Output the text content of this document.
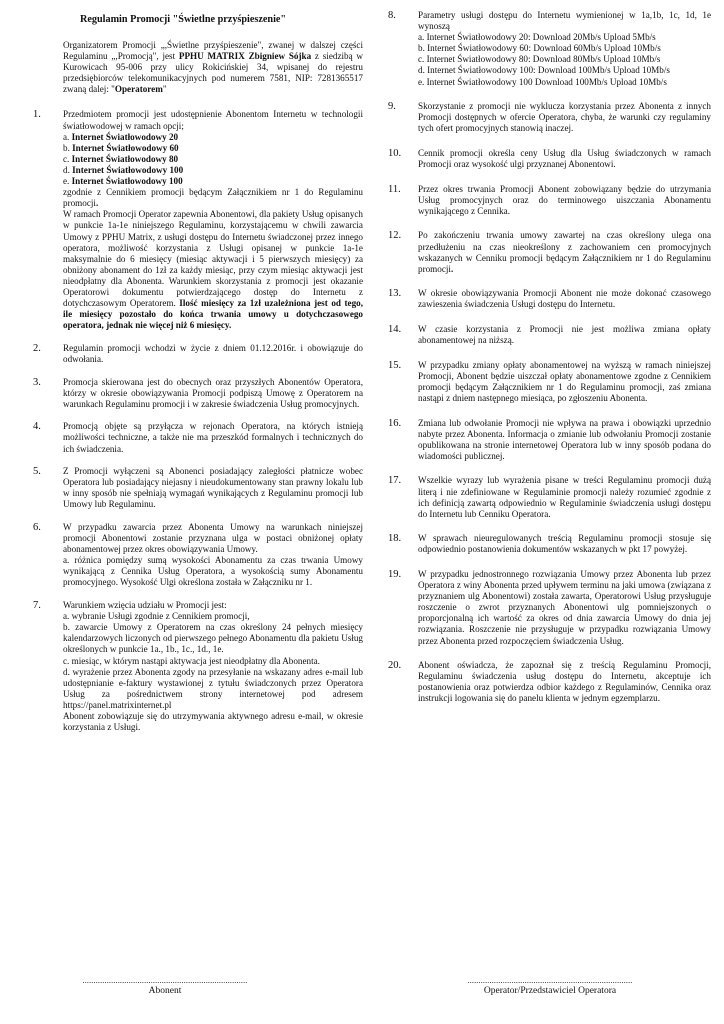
Regulamin Promocji "Świetlne przyśpieszenie"
Organizatorem Promocji „,Świetlne przyśpieszenie", zwanej w dalszej części Regulaminu „,Promocją", jest PPHU MATRIX Zbigniew Sójka z siedzibą w Kurowicach 95-006 przy ulicy Rokicińskiej 34, wpisanej do rejestru przedsiębiorców telekomunikacyjnych pod numerem 7581, NIP: 7281365517 zwaną dalej: "Operatorem"
1. Przedmiotem promocji jest udostępnienie Abonentom Internetu w technologii światłowodowej w ramach opcji;
a. Internet Światłowodowy 20
b. Internet Światłowodowy 60
c. Internet Światłowodowy 80
d. Internet Światłowodowy 100
e. Internet Światłowodowy 100
zgodnie z Cennikiem promocji będącym Załącznikiem nr 1 do Regulaminu promocji.
W ramach Promocji Operator zapewnia Abonentowi, dla pakiety Usług opisanych w punkcie 1a-1e niniejszego Regulaminu, korzystającemu w chwili zawarcia Umowy z PPHU Matrix, z usługi dostępu do Internetu świadczonej przez innego operatora, możliwość korzystania z Usługi opisanej w punkcie 1a-1e maksymalnie do 6 miesięcy (miesiąc aktywacji i 5 pierwszych miesięcy) za obniżony abonament do 1zł za każdy miesiąc, przy czym miesiąc aktywacji jest nieodpłatny dla Abonenta. Warunkiem skorzystania z promocji jest okazanie Operatorowi dokumentu potwierdzającego dostęp do Internetu z dotychczasowym Operatorem. Ilość miesięcy za 1zł uzależniona jest od tego, ile miesięcy pozostało do końca trwania umowy u dotychczasowego operatora, jednak nie więcej niż 6 miesięcy.
2. Regulamin promocji wchodzi w życie z dniem 01.12.2016r. i obowiązuje do odwołania.
3. Promocja skierowana jest do obecnych oraz przyszłych Abonentów Operatora, którzy w okresie obowiązywania Promocji podpiszą Umowę z Operatorem na warunkach Regulaminu promocji i w zakresie świadczenia Usług promocyjnych.
4. Promocją objęte są przyłącza w rejonach Operatora, na których istnieją możliwości techniczne, a także nie ma przeszkód formalnych i technicznych do ich świadczenia.
5. Z Promocji wyłączeni są Abonenci posiadający zaległości płatnicze wobec Operatora lub posiadający niejasny i nieudokumentowany stan prawny lokalu lub w inny sposób nie spełniają wymagań wynikających z Regulaminu promocji lub Umowy lub Regulaminu.
6. W przypadku zawarcia przez Abonenta Umowy na warunkach niniejszej promocji Abonentowi zostanie przyznana ulga w postaci obniżonej opłaty abonamentowej przez okres obowiązywania Umowy.
a. różnica pomiędzy sumą wysokości Abonamentu za czas trwania Umowy wynikającą z Cennika Usług Operatora, a wysokością sumy Abonamentu promocyjnego. Wysokość Ulgi określona została w Załączniku nr 1.
7. Warunkiem wzięcia udziału w Promocji jest:
a. wybranie Usługi zgodnie z Cennikiem promocji,
b. zawarcie Umowy z Operatorem na czas określony 24 pełnych miesięcy kalendarzowych liczonych od pierwszego pełnego Abonamentu dla pakietu Usług określonych w punkcie 1a., 1b., 1c., 1d., 1e.
c. miesiąc, w którym nastąpi aktywacja jest nieodpłatny dla Abonenta.
d. wyrażenie przez Abonenta zgody na przesyłanie na wskazany adres e-mail lub udostępnianie e-faktury wystawionej z tytułu świadczonych przez Operatora Usług za pośrednictwem strony internetowej pod adresem https://panel.matrixinternet.pl
Abonent zobowiązuje się do utrzymywania aktywnego adresu e-mail, w okresie korzystania z Usługi.
8. Parametry usługi dostępu do Internetu wymienionej w 1a,1b, 1c, 1d, 1e wynoszą
a. Internet Światłowodowy 20: Download 20Mb/s Upload 5Mb/s
b. Internet Światłowodowy 60: Download 60Mb/s Upload 10Mb/s
c. Internet Światłowodowy 80: Download 80Mb/s Upload 10Mb/s
d. Internet Światłowodowy 100: Download 100Mb/s Upload 10Mb/s
e. Internet Światłowodowy 100 Download 100Mb/s Upload 10Mb/s
9. Skorzystanie z promocji nie wyklucza korzystania przez Abonenta z innych Promocji dostępnych w ofercie Operatora, chyba, że warunki czy regulaminy tych ofert promocyjnych stanowią inaczej.
10. Cennik promocji określa ceny Usług dla Usług świadczonych w ramach Promocji oraz wysokość ulgi przyznanej Abonentowi.
11. Przez okres trwania Promocji Abonent zobowiązany będzie do utrzymania Usług promocyjnych oraz do terminowego uiszczania Abonamentu wynikającego z Cennika.
12. Po zakończeniu trwania umowy zawartej na czas określony ulega ona przedłużeniu na czas nieokreślony z zachowaniem cen promocyjnych wskazanych w Cenniku promocji będącym Załącznikiem nr 1 do Regulaminu promocji.
13. W okresie obowiązywania Promocji Abonent nie może dokonać czasowego zawieszenia świadczenia Usługi dostępu do Internetu.
14. W czasie korzystania z Promocji nie jest możliwa zmiana opłaty abonamentowej na niższą.
15. W przypadku zmiany opłaty abonamentowej na wyższą w ramach niniejszej Promocji, Abonent będzie uiszczał opłaty abonamentowe zgodne z Cennikiem promocji będącym Załącznikiem nr 1 do Regulaminu promocji, zaś zmiana nastąpi z dniem następnego miesiąca, po zgłoszeniu Abonenta.
16. Zmiana lub odwołanie Promocji nie wpływa na prawa i obowiązki uprzednio nabyte przez Abonenta. Informacja o zmianie lub odwołaniu Promocji zostanie opublikowana na stronie internetowej Operatora lub w inny sposób podana do wiadomości publicznej.
17. Wszelkie wyrazy lub wyrażenia pisane w treści Regulaminu promocji dużą literą i nie zdefiniowane w Regulaminie promocji należy rozumieć zgodnie z ich definicją zawartą odpowiednio w Regulaminie świadczenia usługi dostępu do Internetu lub Cenniku Operatora.
18. W sprawach nieuregulowanych treścią Regulaminu promocji stosuje się odpowiednio postanowienia dokumentów wskazanych w pkt 17 powyżej.
19. W przypadku jednostronnego rozwiązania Umowy przez Abonenta lub przez Operatora z winy Abonenta przed upływem terminu na jaki umowa (związana z przyznaniem ulg Abonentowi) została zawarta, Operatorowi Usług przysługuje roszczenie o zwrot przyznanych Abonentowi ulg pomniejszonych o proporcjonalną ich wartość za okres od dnia zawarcia Umowy do dnia jej rozwiązania. Roszczenie nie przysługuje w przypadku rozwiązania Umowy przez Abonenta przed rozpoczęciem świadczenia Usług.
20. Abonent oświadcza, że zapoznał się z treścią Regulaminu Promocji, Regulaminu świadczenia usług dostępu do Internetu, akceptuje ich postanowienia oraz potwierdza odbior każdego z Regulaminów, Cennika oraz instrukcji logowania się do panelu klienta w jednym egzemplarzu.
...........................................................................
Abonent
...........................................................................
Operator/Przedstawiciel Operatora
